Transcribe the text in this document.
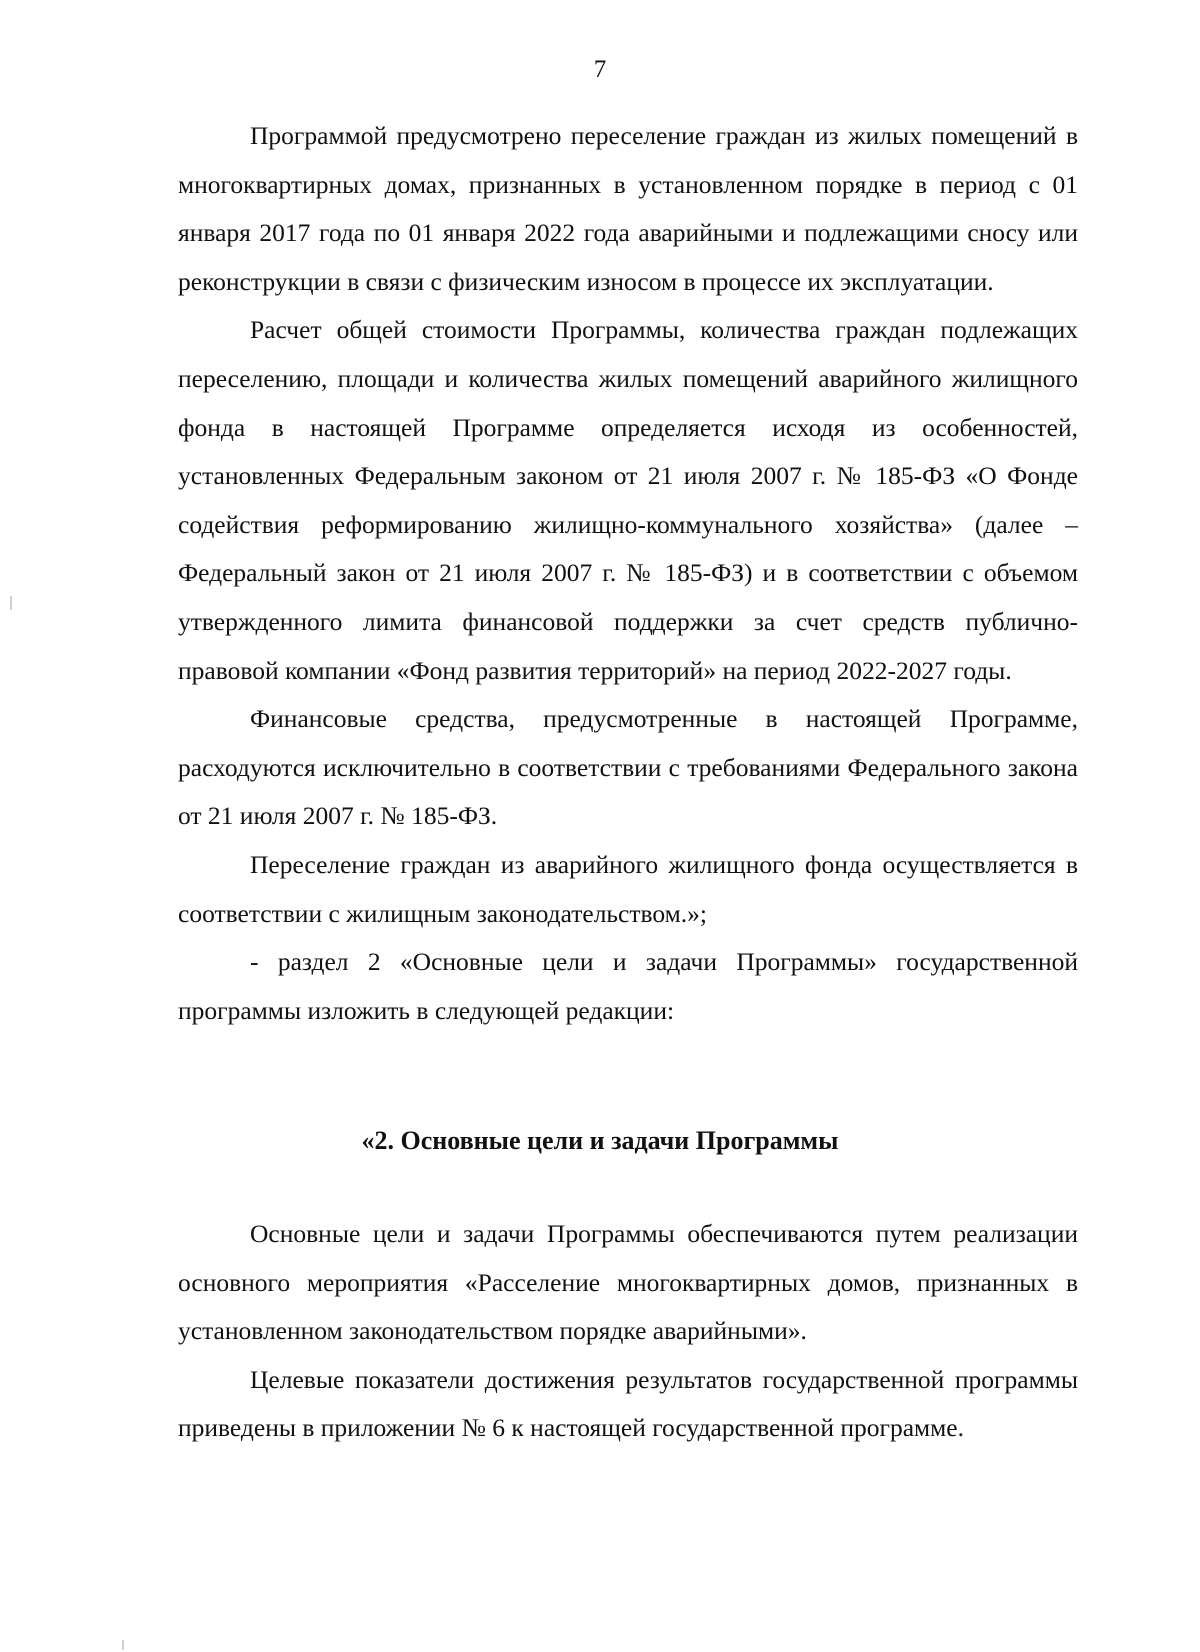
7

Программой предусмотрено переселение граждан из жилых помещений в многоквартирных домах, признанных в установленном порядке в период с 01 января 2017 года по 01 января 2022 года аварийными и подлежащими сносу или реконструкции в связи с физическим износом в процессе их эксплуатации.

Расчет общей стоимости Программы, количества граждан подлежащих переселению, площади и количества жилых помещений аварийного жилищного фонда в настоящей Программе определяется исходя из особенностей, установленных Федеральным законом от 21 июля 2007 г. № 185-ФЗ «О Фонде содействия реформированию жилищно-коммунального хозяйства» (далее – Федеральный закон от 21 июля 2007 г. № 185-ФЗ) и в соответствии с объемом утвержденного лимита финансовой поддержки за счет средств публично-правовой компании «Фонд развития территорий» на период 2022-2027 годы.

Финансовые средства, предусмотренные в настоящей Программе, расходуются исключительно в соответствии с требованиями Федерального закона от 21 июля 2007 г. № 185-ФЗ.

Переселение граждан из аварийного жилищного фонда осуществляется в соответствии с жилищным законодательством.»;

- раздел 2 «Основные цели и задачи Программы» государственной программы изложить в следующей редакции:

«2. Основные цели и задачи Программы

Основные цели и задачи Программы обеспечиваются путем реализации основного мероприятия «Расселение многоквартирных домов, признанных в установленном законодательством порядке аварийными».

Целевые показатели достижения результатов государственной программы приведены в приложении № 6 к настоящей государственной программе.
